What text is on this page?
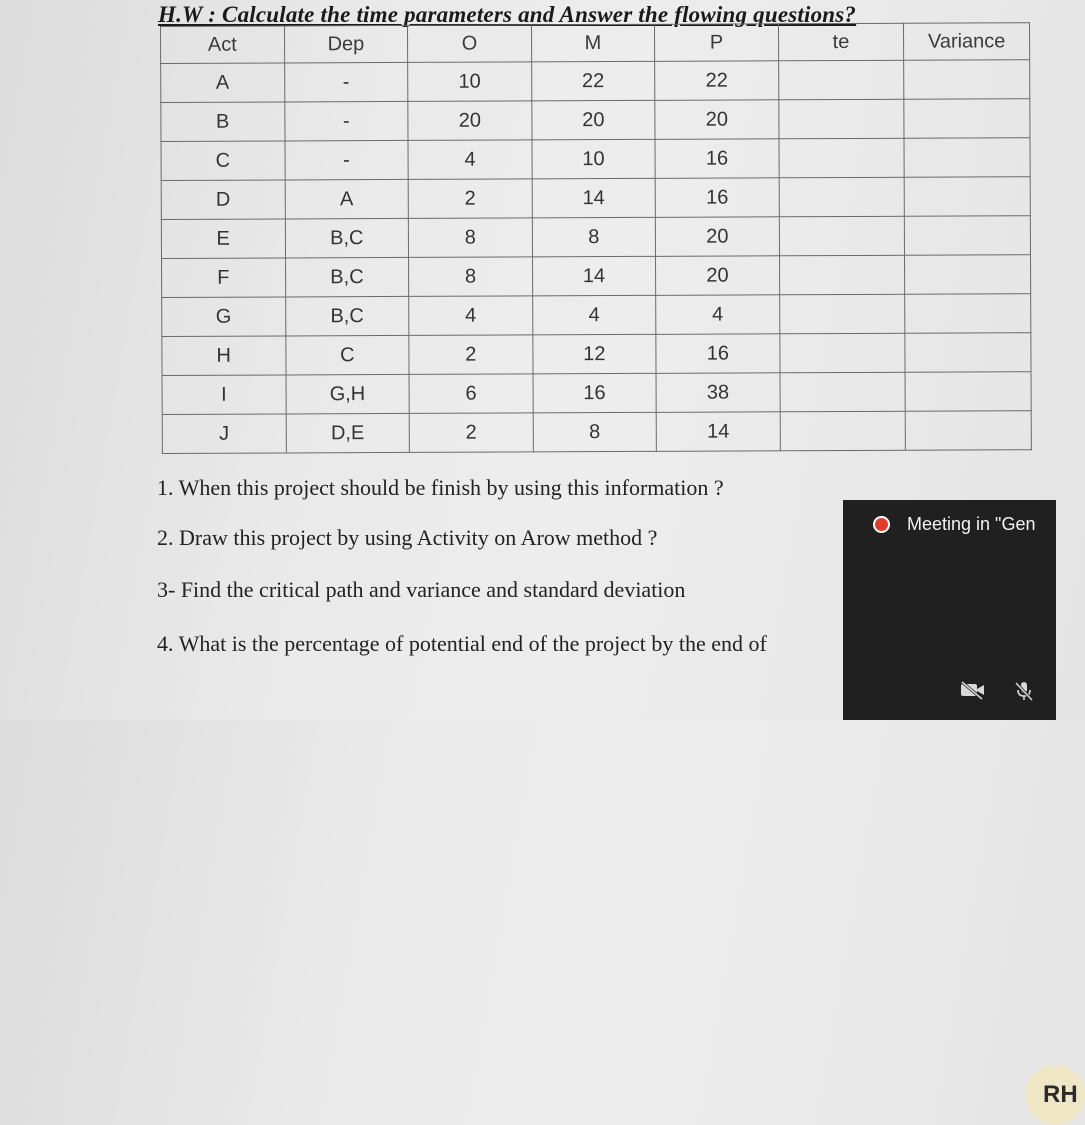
H.W : Calculate the time parameters and Answer the flowing questions?
Act	Dep	O	M	P	te	Variance
A	-	10	22	22		
B	-	20	20	20		
C	-	4	10	16		
D	A	2	14	16		
E	B,C	8	8	20		
F	B,C	8	14	20		
G	B,C	4	4	4		
H	C	2	12	16		
I	G,H	6	16	38		
J	D,E	2	8	14		
1. When this project should be finish by using this information ?
2. Draw this project by using Activity on Arow method ?
3- Find the critical path and variance and standard deviation
4. What is the percentage of potential end of the project by the end of
Meeting in "Gen
RH
